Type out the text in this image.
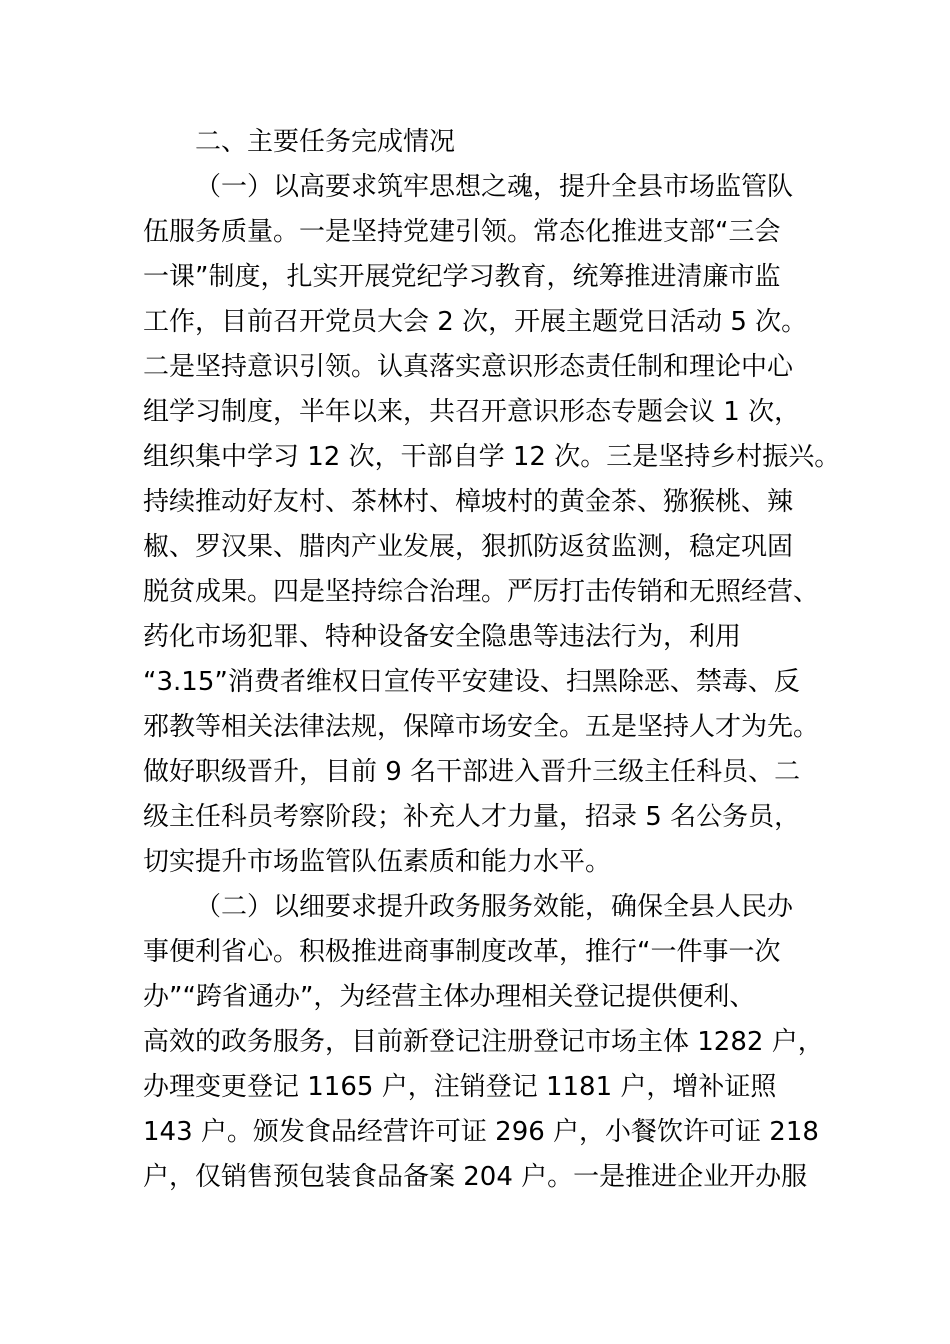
二、主要任务完成情况
（一）以高要求筑牢思想之魂，提升全县市场监管队
伍服务质量。一是坚持党建引领。常态化推进支部“三会
一课”制度，扎实开展党纪学习教育，统筹推进清廉市监
工作，目前召开党员大会 2 次，开展主题党日活动 5 次。
二是坚持意识引领。认真落实意识形态责任制和理论中心
组学习制度，半年以来，共召开意识形态专题会议 1 次，
组织集中学习 12 次，干部自学 12 次。三是坚持乡村振兴。
持续推动好友村、茶林村、樟坡村的黄金茶、猕猴桃、辣
椒、罗汉果、腊肉产业发展，狠抓防返贫监测，稳定巩固
脱贫成果。四是坚持综合治理。严厉打击传销和无照经营、
药化市场犯罪、特种设备安全隐患等违法行为，利用
“3.15”消费者维权日宣传平安建设、扫黑除恶、禁毒、反
邪教等相关法律法规，保障市场安全。五是坚持人才为先。
做好职级晋升，目前 9 名干部进入晋升三级主任科员、二
级主任科员考察阶段；补充人才力量，招录 5 名公务员，
切实提升市场监管队伍素质和能力水平。
（二）以细要求提升政务服务效能，确保全县人民办
事便利省心。积极推进商事制度改革，推行“一件事一次
办”“跨省通办”，为经营主体办理相关登记提供便利、
高效的政务服务，目前新登记注册登记市场主体 1282 户，
办理变更登记 1165 户，注销登记 1181 户，增补证照
143 户。颁发食品经营许可证 296 户，小餐饮许可证 218
户，仅销售预包装食品备案 204 户。一是推进企业开办服
